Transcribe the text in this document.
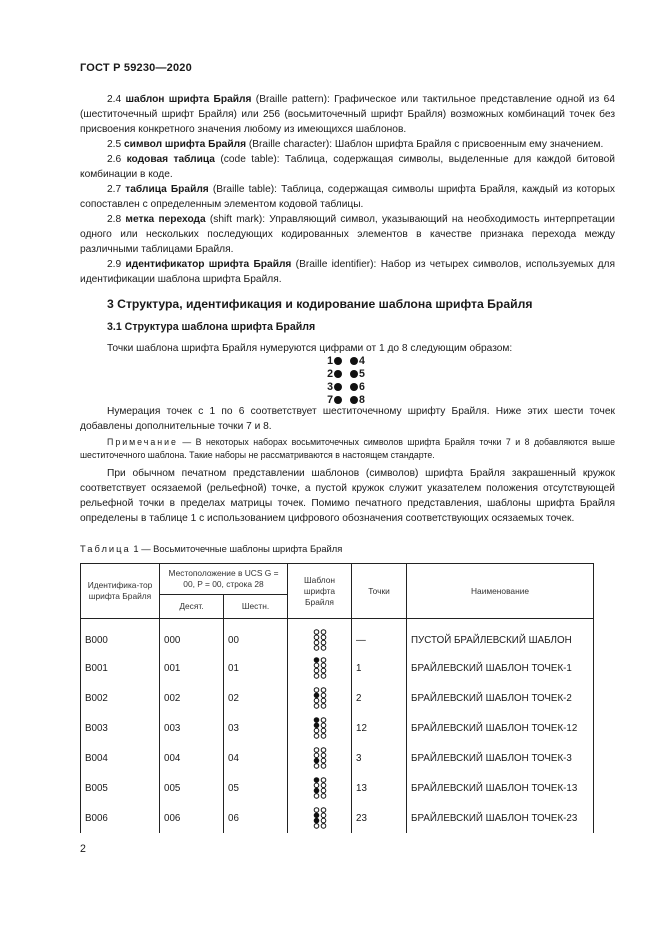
ГОСТ Р 59230—2020

2.4 шаблон шрифта Брайля (Braille pattern): Графическое или тактильное представление одной из 64 (шеститочечный шрифт Брайля) или 256 (восьмиточечный шрифт Брайля) возможных комбинаций точек без присвоения конкретного значения любому из имеющихся шаблонов.

2.5 символ шрифта Брайля (Braille character): Шаблон шрифта Брайля с присвоенным ему значением.

2.6 кодовая таблица (code table): Таблица, содержащая символы, выделенные для каждой битовой комбинации в коде.

2.7 таблица Брайля (Braille table): Таблица, содержащая символы шрифта Брайля, каждый из которых сопоставлен с определенным элементом кодовой таблицы.

2.8 метка перехода (shift mark): Управляющий символ, указывающий на необходимость интерпретации одного или нескольких последующих кодированных элементов в качестве признака перехода между различными таблицами Брайля.

2.9 идентификатор шрифта Брайля (Braille identifier): Набор из четырех символов, используемых для идентификации шаблона шрифта Брайля.

3 Структура, идентификация и кодирование шаблона шрифта Брайля
3.1 Структура шаблона шрифта Брайля
Точки шаблона шрифта Брайля нумеруются цифрами от 1 до 8 следующим образом:
1 4
2 5
3 6
7 8
Нумерация точек с 1 по 6 соответствует шеститочечному шрифту Брайля. Ниже этих шести точек добавлены дополнительные точки 7 и 8.
Примечание — В некоторых наборах восьмиточечных символов шрифта Брайля точки 7 и 8 добавляются выше шеститочечного шаблона. Такие наборы не рассматриваются в настоящем стандарте.
При обычном печатном представлении шаблонов (символов) шрифта Брайля закрашенный кружок соответствует осязаемой (рельефной) точке, а пустой кружок служит указателем положения отсутствующей рельефной точки в пределах матрицы точек. Помимо печатного представления, шаблоны шрифта Брайля определены в таблице 1 с использованием цифрового обозначения соответствующих осязаемых точек.
Таблица 1 — Восьмиточечные шаблоны шрифта Брайля
Идентифика-тор шрифта Брайля	Местоположение в UCS G = 00, P = 00, строка 28		Шаблон шрифта Брайля	Точки	Наименование
	Десят.	Шестн.			
B000	000	00		—	ПУСТОЙ БРАЙЛЕВСКИЙ ШАБЛОН
B001	001	01		1	БРАЙЛЕВСКИЙ ШАБЛОН ТОЧЕК-1
B002	002	02		2	БРАЙЛЕВСКИЙ ШАБЛОН ТОЧЕК-2
B003	003	03		12	БРАЙЛЕВСКИЙ ШАБЛОН ТОЧЕК-12
B004	004	04		3	БРАЙЛЕВСКИЙ ШАБЛОН ТОЧЕК-3
B005	005	05		13	БРАЙЛЕВСКИЙ ШАБЛОН ТОЧЕК-13
B006	006	06		23	БРАЙЛЕВСКИЙ ШАБЛОН ТОЧЕК-23
2
